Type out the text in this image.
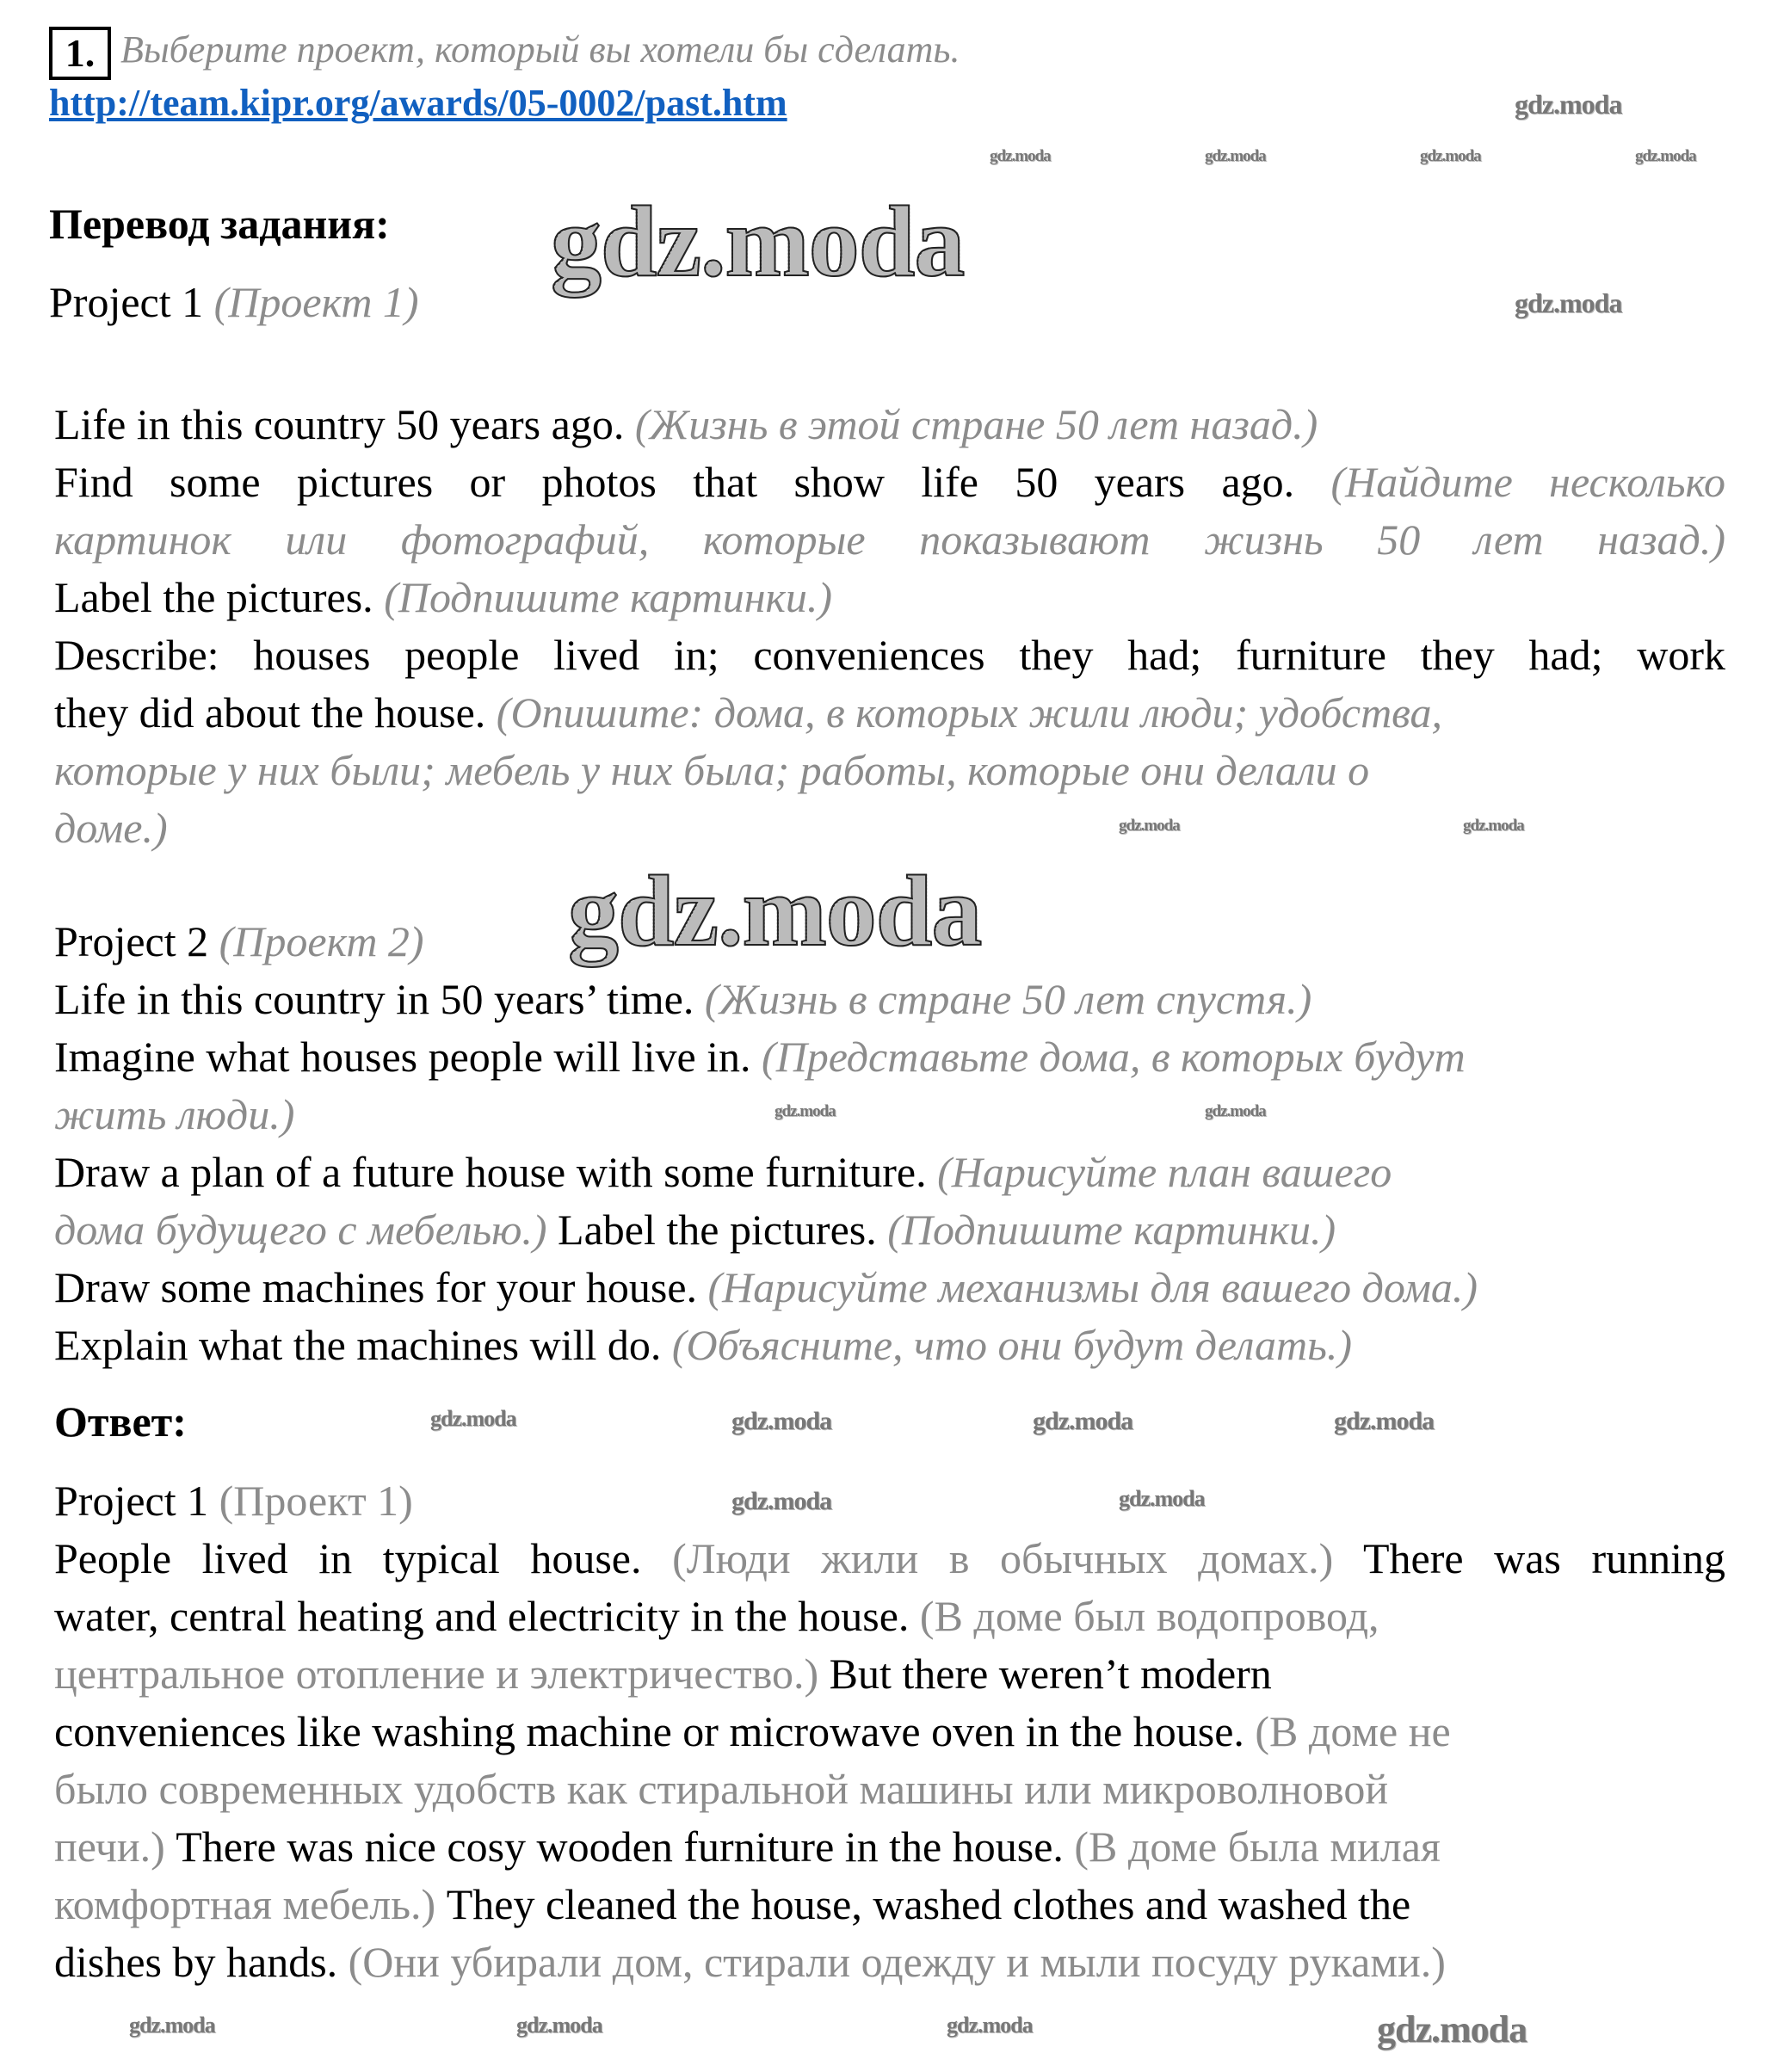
1. Выберите проект, который вы хотели бы сделать.
http://team.kipr.org/awards/05-0002/past.htm
Перевод задания:
Project 1 (Проект 1)
Life in this country 50 years ago. (Жизнь в этой стране 50 лет назад.)
Find some pictures or photos that show life 50 years ago. (Найдите несколько
картинок или фотографий, которые показывают жизнь 50 лет назад.)
Label the pictures. (Подпишите картинки.)
Describe: houses people lived in; conveniences they had; furniture they had; work
they did about the house. (Опишите: дома, в которых жили люди; удобства,
которые у них были; мебель у них была; работы, которые они делали о
доме.)
Project 2 (Проект 2)
Life in this country in 50 years’ time. (Жизнь в стране 50 лет спустя.)
Imagine what houses people will live in. (Представьте дома, в которых будут
жить люди.)
Draw a plan of a future house with some furniture. (Нарисуйте план вашего
дома будущего с мебелью.) Label the pictures. (Подпишите картинки.)
Draw some machines for your house. (Нарисуйте механизмы для вашего дома.)
Explain what the machines will do. (Объясните, что они будут делать.)
Ответ:
Project 1 (Проект 1)
People lived in typical house. (Люди жили в обычных домах.) There was running
water, central heating and electricity in the house. (В доме был водопровод,
центральное отопление и электричество.) But there weren’t modern
conveniences like washing machine or microwave oven in the house. (В доме не
было современных удобств как стиральной машины или микроволновой
печи.) There was nice cosy wooden furniture in the house. (В доме была милая
комфортная мебель.) They cleaned the house, washed clothes and washed the
dishes by hands. (Они убирали дом, стирали одежду и мыли посуду руками.)
gdz.moda
gdz.moda
gdz.moda
gdz.moda
gdz.moda
gdz.moda	gdz.moda	gdz.moda	gdz.moda
gdz.moda	gdz.moda
gdz.moda	gdz.moda
gdz.moda	gdz.moda	gdz.moda	gdz.moda
gdz.moda	gdz.moda
gdz.moda	gdz.moda	gdz.moda
